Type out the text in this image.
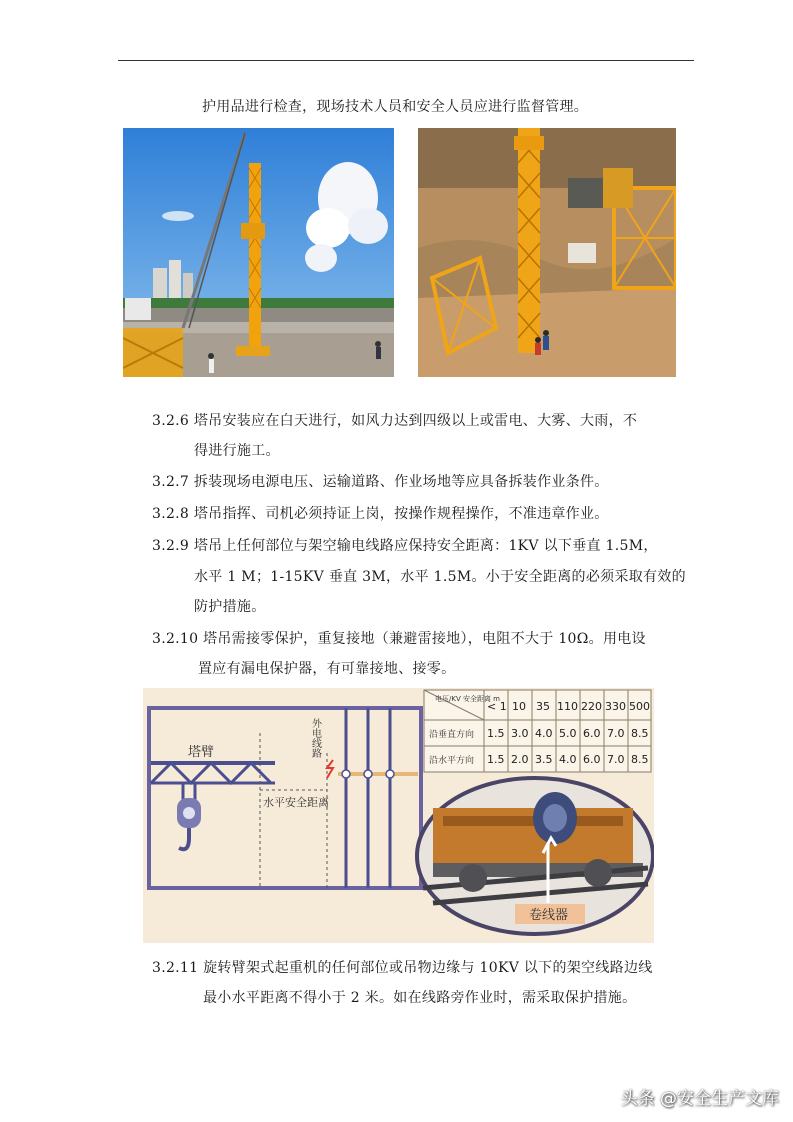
护用品进行检查，现场技术人员和安全人员应进行监督管理。
3.2.6 塔吊安装应在白天进行，如风力达到四级以上或雷电、大雾、大雨，不
得进行施工。
3.2.7 拆装现场电源电压、运输道路、作业场地等应具备拆装作业条件。
3.2.8 塔吊指挥、司机必须持证上岗，按操作规程操作，不准违章作业。
3.2.9 塔吊上任何部位与架空输电线路应保持安全距离：1KV 以下垂直 1.5M，
水平 1 M；1-15KV 垂直 3M，水平 1.5M。小于安全距离的必须采取有效的
防护措施。
3.2.10 塔吊需接零保护，重复接地（兼避雷接地），电阻不大于 10Ω。用电设
置应有漏电保护器，有可靠接地、接零。
塔臂	外电线路
水平安全距离
电压/KV 安全距离 m
< 1 10 35 110 220 330 500
沿垂直方向 1.5 3.0 4.0 5.0 6.0 7.0 8.5
沿水平方向 1.5 2.0 3.5 4.0 6.0 7.0 8.5
卷线器
3.2.11 旋转臂架式起重机的任何部位或吊物边缘与 10KV 以下的架空线路边线
最小水平距离不得小于 2 米。如在线路旁作业时，需采取保护措施。
头条 @安全生产文库
